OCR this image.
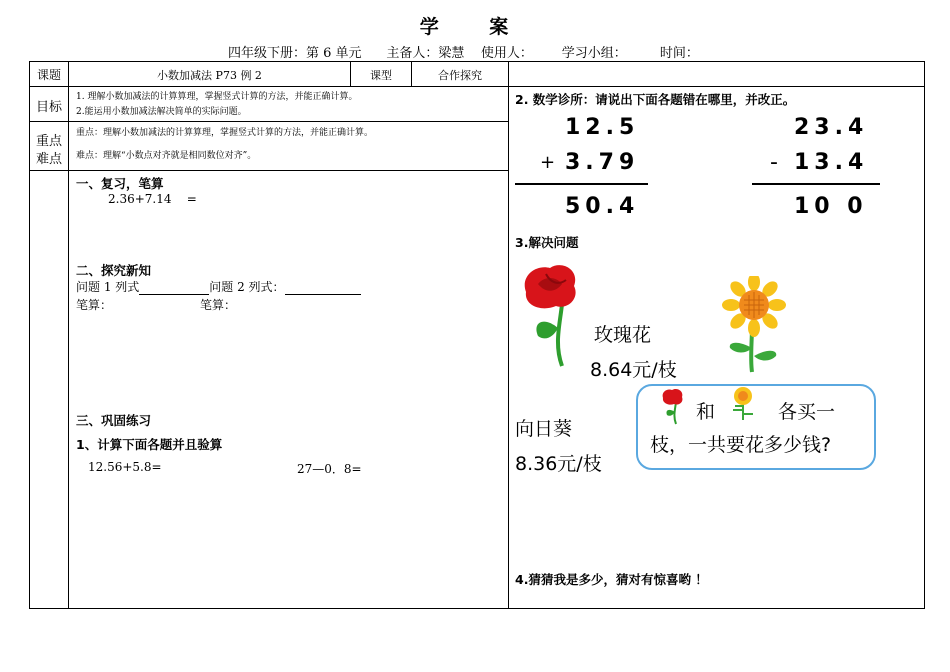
学 案
四年级下册：第 6 单元      主备人：梁慧    使用人：       学习小组：        时间：
课题	小数加减法 P73 例 2	课型	合作探究
目标
1. 理解小数加减法的计算算理，掌握竖式计算的方法，并能正确计算。
2.能运用小数加减法解决简单的实际问题。
重点
难点
重点：理解小数加减法的计算算理，掌握竖式计算的方法，并能正确计算。
难点：理解“小数点对齐就是相同数位对齐”。
一、复习，笔算
2.36+7.14    =
二、探究新知
问题 1 列式	问题 2 列式：
笔算：	笔算：
三、巩固练习
1、计算下面各题并且验算
12.56+5.8=	27—0．8=
2. 数学诊所：请说出下面各题错在哪里，并改正。
12.5
+ 3.79
50.4
23.4
- 13.4
10 0
3.解决问题
玫瑰花
8.64元/枝
向日葵
8.36元/枝
和	各买一
枝，一共要花多少钱?
4.猜猜我是多少，猜对有惊喜哟 ！
